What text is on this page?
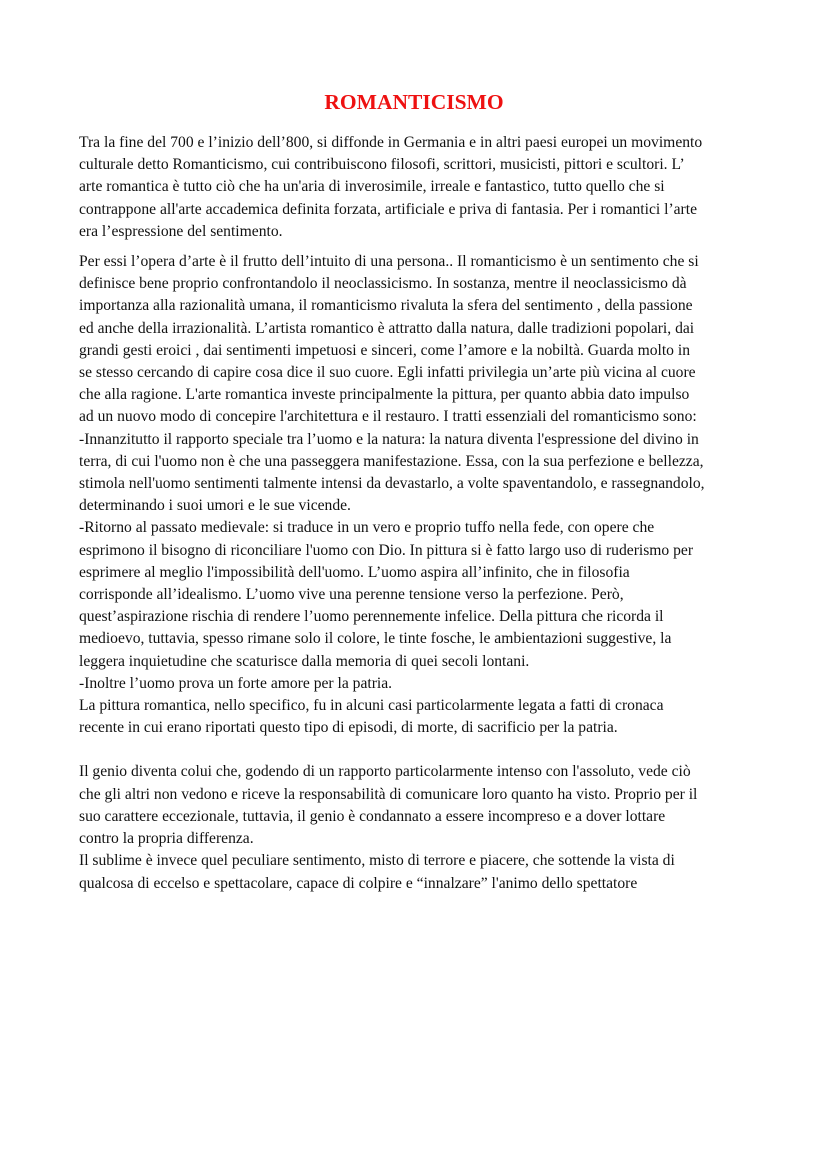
ROMANTICISMO

Tra la fine del 700 e l’inizio dell’800, si diffonde in Germania e in altri paesi europei un movimento

culturale detto Romanticismo, cui contribuiscono filosofi, scrittori, musicisti, pittori e scultori. L’

arte romantica è tutto ciò che ha un'aria di inverosimile, irreale e fantastico, tutto quello che si

contrappone all'arte accademica definita forzata, artificiale e priva di fantasia. Per i romantici l’arte

era l’espressione del sentimento.

Per essi l’opera d’arte è il frutto dell’intuito di una persona.. Il romanticismo è un sentimento che si

definisce bene proprio confrontandolo il neoclassicismo. In sostanza, mentre il neoclassicismo dà

importanza alla razionalità umana, il romanticismo rivaluta la sfera del sentimento , della passione

ed anche della irrazionalità. L’artista romantico è attratto dalla natura, dalle tradizioni popolari, dai

grandi gesti eroici , dai sentimenti impetuosi e sinceri, come l’amore e la nobiltà. Guarda molto in

se stesso cercando di capire cosa dice il suo cuore. Egli infatti privilegia un’arte più vicina al cuore

che alla ragione. L'arte romantica investe principalmente la pittura, per quanto abbia dato impulso

ad un nuovo modo di concepire l'architettura e il restauro. I tratti essenziali del romanticismo sono:

-Innanzitutto il rapporto speciale tra l’uomo e la natura: la natura diventa l'espressione del divino in

terra, di cui l'uomo non è che una passeggera manifestazione. Essa, con la sua perfezione e bellezza,

stimola nell'uomo sentimenti talmente intensi da devastarlo, a volte spaventandolo, e rassegnandolo,

determinando i suoi umori e le sue vicende.

-Ritorno al passato medievale: si traduce in un vero e proprio tuffo nella fede, con opere che

esprimono il bisogno di riconciliare l'uomo con Dio. In pittura si è fatto largo uso di ruderismo per

esprimere al meglio l'impossibilità dell'uomo. L’uomo aspira all’infinito, che in filosofia

corrisponde all’idealismo. L’uomo vive una perenne tensione verso la perfezione. Però,

quest’aspirazione rischia di rendere l’uomo perennemente infelice. Della pittura che ricorda il

medioevo, tuttavia, spesso rimane solo il colore, le tinte fosche, le ambientazioni suggestive, la

leggera inquietudine che scaturisce dalla memoria di quei secoli lontani.

-Inoltre l’uomo prova un forte amore per la patria.

La pittura romantica, nello specifico, fu in alcuni casi particolarmente legata a fatti di cronaca

recente in cui erano riportati questo tipo di episodi, di morte, di sacrificio per la patria.

Il genio diventa colui che, godendo di un rapporto particolarmente intenso con l'assoluto, vede ciò

che gli altri non vedono e riceve la responsabilità di comunicare loro quanto ha visto. Proprio per il

suo carattere eccezionale, tuttavia, il genio è condannato a essere incompreso e a dover lottare

contro la propria differenza.

Il sublime è invece quel peculiare sentimento, misto di terrore e piacere, che sottende la vista di

qualcosa di eccelso e spettacolare, capace di colpire e “innalzare” l'animo dello spettatore
